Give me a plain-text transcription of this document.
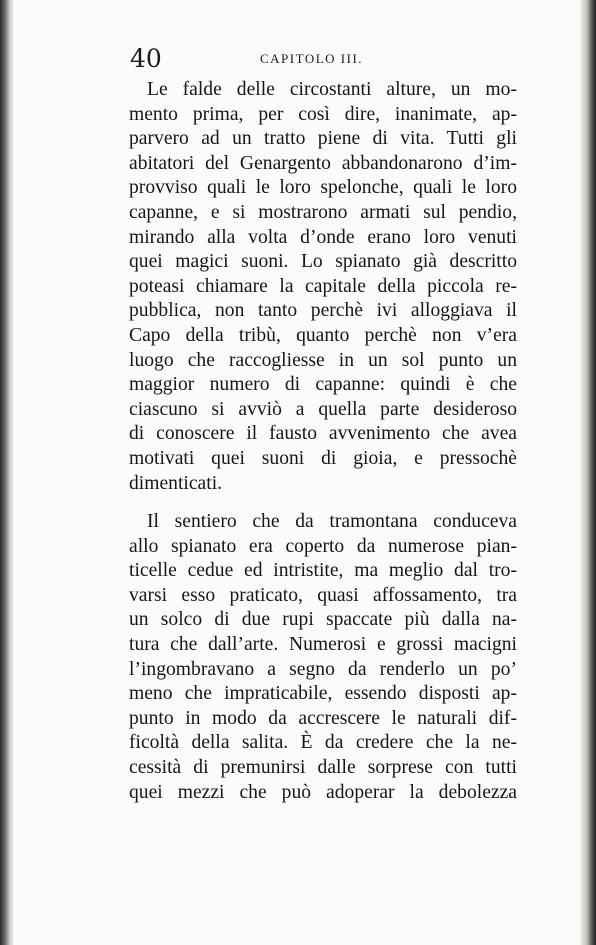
40	CAPITOLO III.
Le falde delle circostanti alture, un mo-
mento prima, per così dire, inanimate, ap-
parvero ad un tratto piene di vita. Tutti gli
abitatori del Genargento abbandonarono d’im-
provviso quali le loro spelonche, quali le loro
capanne, e si mostrarono armati sul pendio,
mirando alla volta d’onde erano loro venuti
quei magici suoni. Lo spianato già descritto
poteasi chiamare la capitale della piccola re-
pubblica, non tanto perchè ivi alloggiava il
Capo della tribù, quanto perchè non v’era
luogo che raccogliesse in un sol punto un
maggior numero di capanne: quindi è che
ciascuno si avviò a quella parte desideroso
di conoscere il fausto avvenimento che avea
motivati quei suoni di gioia, e pressochè
dimenticati.
Il sentiero che da tramontana conduceva
allo spianato era coperto da numerose pian-
ticelle cedue ed intristite, ma meglio dal tro-
varsi esso praticato, quasi affossamento, tra
un solco di due rupi spaccate più dalla na-
tura che dall’arte. Numerosi e grossi macigni
l’ingombravano a segno da renderlo un po’
meno che impraticabile, essendo disposti ap-
punto in modo da accrescere le naturali dif-
ficoltà della salita. È da credere che la ne-
cessità di premunirsi dalle sorprese con tutti
quei mezzi che può adoperar la debolezza
